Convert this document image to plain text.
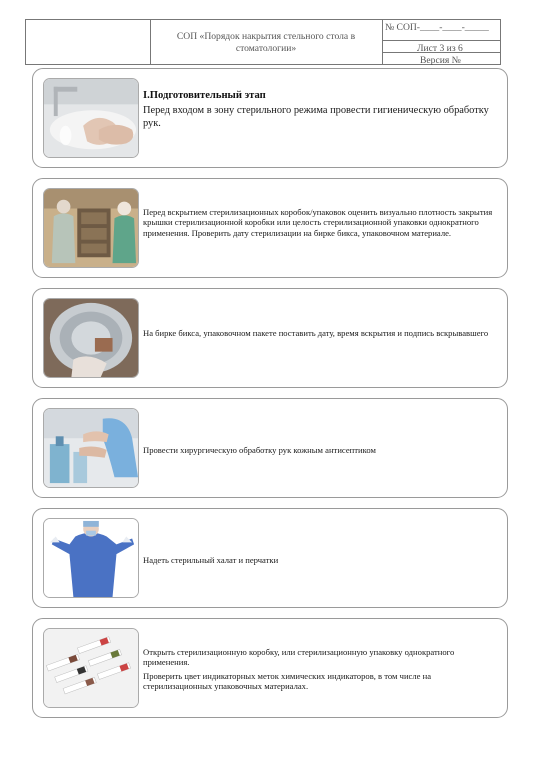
СОП «Порядок накрытия стельного стола в стоматологии»
№ СОП-____-____-_____
Лист 3 из 6
Версия №

I.Подготовительный этап

Перед входом в зону стерильного режима провести гигиеническую обработку рук.

Перед вскрытием стерилизационных коробок/упаковок оценить визуально плотность закрытия крышки стерилизационной коробки или целость стерилизационной упаковки однократного применения. Проверить дату стерилизации на бирке бикса, упаковочном материале.

На бирке бикса, упаковочном пакете поставить дату, время вскрытия и подпись вскрывавшего

Провести хирургическую обработку рук кожным антисептиком

Надеть стерильный халат и перчатки

Открыть стерилизационную коробку, или стерилизационную упаковку однократного применения.

Проверить цвет индикаторных меток химических индикаторов, в том числе на стерилизационных упаковочных материалах.
